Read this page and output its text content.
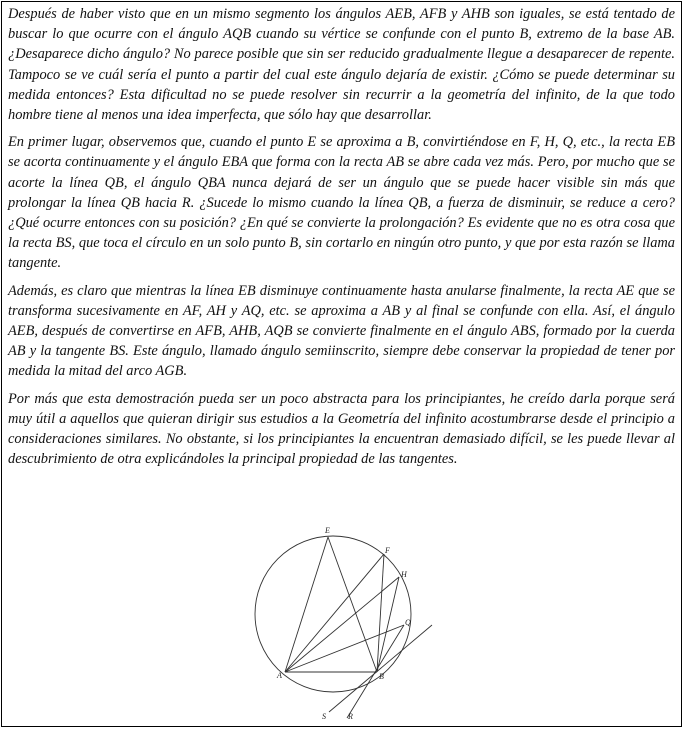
Después de haber visto que en un mismo segmento los ángulos AEB, AFB y AHB son iguales, se está tentado de buscar lo que ocurre con el ángulo AQB cuando su vértice se confunde con el punto B, extremo de la base AB. ¿Desaparece dicho ángulo? No parece posible que sin ser reducido gradualmente llegue a desaparecer de repente. Tampoco se ve cuál sería el punto a partir del cual este ángulo dejaría de existir. ¿Cómo se puede determinar su medida entonces? Esta dificultad no se puede resolver sin recurrir a la geometría del infinito, de la que todo hombre tiene al menos una idea imperfecta, que sólo hay que desarrollar.

En primer lugar, observemos que, cuando el punto E se aproxima a B, convirtiéndose en F, H, Q, etc., la recta EB se acorta continuamente y el ángulo EBA que forma con la recta AB se abre cada vez más. Pero, por mucho que se acorte la línea QB, el ángulo QBA nunca dejará de ser un ángulo que se puede hacer visible sin más que prolongar la línea QB hacia R. ¿Sucede lo mismo cuando la línea QB, a fuerza de disminuir, se reduce a cero? ¿Qué ocurre entonces con su posición? ¿En qué se convierte la prolongación? Es evidente que no es otra cosa que la recta BS, que toca el círculo en un solo punto B, sin cortarlo en ningún otro punto, y que por esta razón se llama tangente.

Además, es claro que mientras la línea EB disminuye continuamente hasta anularse finalmente, la recta AE que se transforma sucesivamente en AF, AH y AQ, etc. se aproxima a AB y al final se confunde con ella. Así, el ángulo AEB, después de convertirse en AFB, AHB, AQB se convierte finalmente en el ángulo ABS, formado por la cuerda AB y la tangente BS. Este ángulo, llamado ángulo semiinscrito, siempre debe conservar la propiedad de tener por medida la mitad del arco AGB.

Por más que esta demostración pueda ser un poco abstracta para los principiantes, he creído darla porque será muy útil a aquellos que quieran dirigir sus estudios a la Geometría del infinito acostumbrarse desde el principio a consideraciones similares. No obstante, si los principiantes la encuentran demasiado difícil, se les puede llevar al descubrimiento de otra explicándoles la principal propiedad de las tangentes.

E
F
H
Q
A	B
S	R
